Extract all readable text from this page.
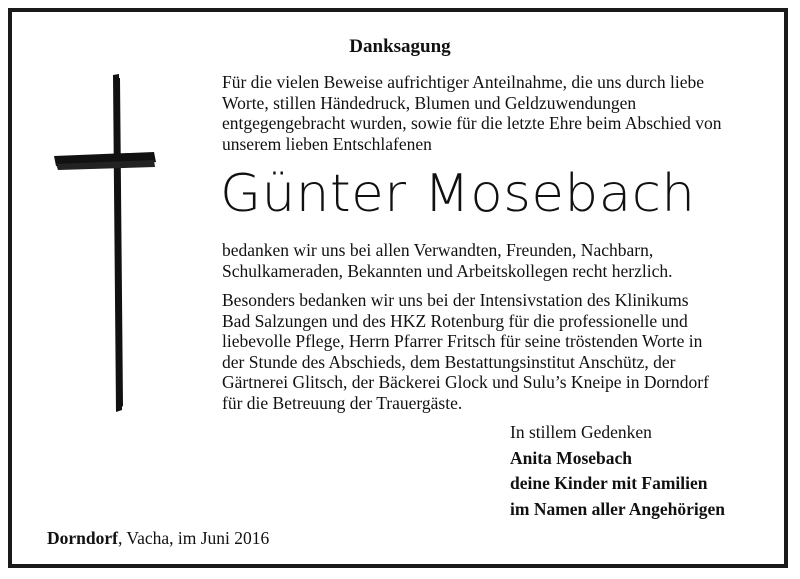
Danksagung
Für die vielen Beweise aufrichtiger Anteilnahme, die uns durch liebe
Worte, stillen Händedruck, Blumen und Geldzuwendungen
entgegengebracht wurden, sowie für die letzte Ehre beim Abschied von
unserem lieben Entschlafenen
Günter Mosebach
bedanken wir uns bei allen Verwandten, Freunden, Nachbarn,
Schulkameraden, Bekannten und Arbeitskollegen recht herzlich.
Besonders bedanken wir uns bei der Intensivstation des Klinikums
Bad Salzungen und des HKZ Rotenburg für die professionelle und
liebevolle Pflege, Herrn Pfarrer Fritsch für seine tröstenden Worte in
der Stunde des Abschieds, dem Bestattungsinstitut Anschütz, der
Gärtnerei Glitsch, der Bäckerei Glock und Sulu’s Kneipe in Dorndorf
für die Betreuung der Trauergäste.
In stillem Gedenken
Anita Mosebach
deine Kinder mit Familien
im Namen aller Angehörigen
Dorndorf, Vacha, im Juni 2016
